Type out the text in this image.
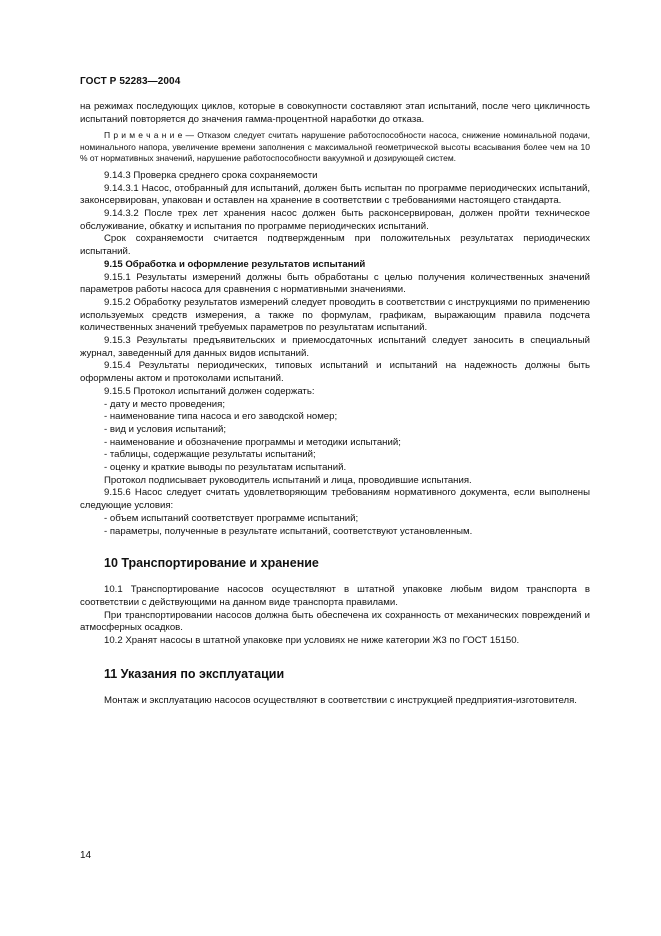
ГОСТ Р 52283—2004

на режимах последующих циклов, которые в совокупности составляют этап испытаний, после чего цикличность испытаний повторяется до значения гамма-процентной наработки до отказа.

П р и м е ч а н и е — Отказом следует считать нарушение работоспособности насоса, снижение номинальной подачи, номинального напора, увеличение времени заполнения с максимальной геометрической высоты всасывания более чем на 10 % от нормативных значений, нарушение работоспособности вакуумной и дозирующей систем.

9.14.3 Проверка среднего срока сохраняемости

9.14.3.1 Насос, отобранный для испытаний, должен быть испытан по программе периодических испытаний, законсервирован, упакован и оставлен на хранение в соответствии с требованиями настоящего стандарта.

9.14.3.2 После трех лет хранения насос должен быть расконсервирован, должен пройти техническое обслуживание, обкатку и испытания по программе периодических испытаний.

Срок сохраняемости считается подтвержденным при положительных результатах периодических испытаний.

9.15 Обработка и оформление результатов испытаний

9.15.1 Результаты измерений должны быть обработаны с целью получения количественных значений параметров работы насоса для сравнения с нормативными значениями.

9.15.2 Обработку результатов измерений следует проводить в соответствии с инструкциями по применению используемых средств измерения, а также по формулам, графикам, выражающим правила подсчета количественных значений требуемых параметров по результатам испытаний.

9.15.3 Результаты предъявительских и приемосдаточных испытаний следует заносить в специальный журнал, заведенный для данных видов испытаний.

9.15.4 Результаты периодических, типовых испытаний и испытаний на надежность должны быть оформлены актом и протоколами испытаний.

9.15.5 Протокол испытаний должен содержать:

- дату и место проведения;

- наименование типа насоса и его заводской номер;

- вид и условия испытаний;

- наименование и обозначение программы и методики испытаний;

- таблицы, содержащие результаты испытаний;

- оценку и краткие выводы по результатам испытаний.

Протокол подписывает руководитель испытаний и лица, проводившие испытания.

9.15.6 Насос следует считать удовлетворяющим требованиям нормативного документа, если выполнены следующие условия:

- объем испытаний соответствует программе испытаний;

- параметры, полученные в результате испытаний, соответствуют установленным.

10 Транспортирование и хранение

10.1 Транспортирование насосов осуществляют в штатной упаковке любым видом транспорта в соответствии с действующими на данном виде транспорта правилами.

При транспортировании насосов должна быть обеспечена их сохранность от механических повреждений и атмосферных осадков.

10.2 Хранят насосы в штатной упаковке при условиях не ниже категории Ж3 по ГОСТ 15150.

11 Указания по эксплуатации

Монтаж и эксплуатацию насосов осуществляют в соответствии с инструкцией предприятия-изготовителя.

14
